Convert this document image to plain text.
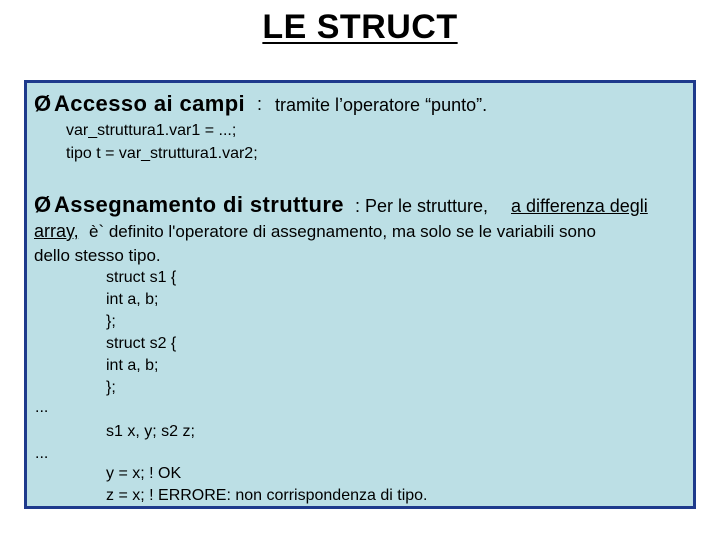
LE STRUCT
Ø Accesso ai campi : tramite l’operatore “punto”.
var_struttura1.var1 = ...;
tipo t = var_struttura1.var2;
Ø Assegnamento di strutture : Per le strutture, a differenza degli
array, è` definito l'operatore di assegnamento, ma solo se le variabili sono
dello stesso tipo.
struct s1 {
int a, b;
};
struct s2 {
int a, b;
};
...
s1 x, y; s2 z;
...
y = x; ! OK
z = x; ! ERRORE: non corrispondenza di tipo.
